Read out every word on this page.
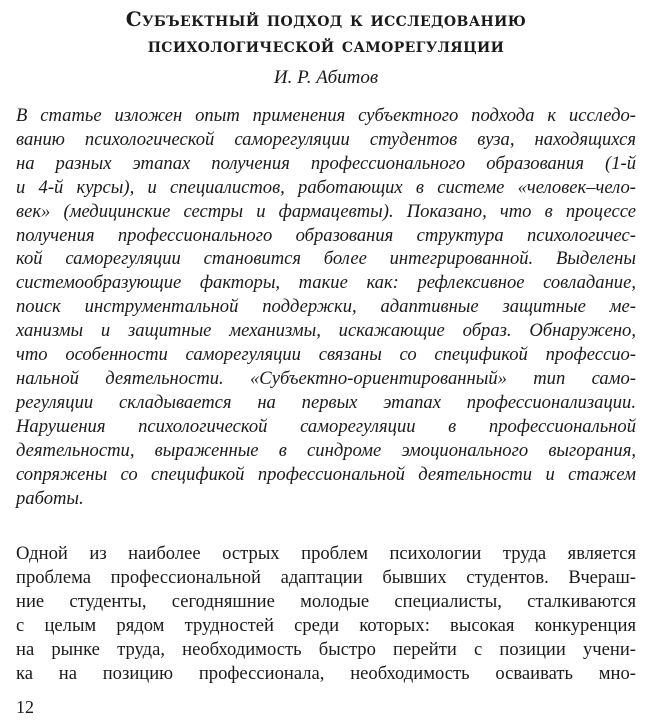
Субъектный подход к исследованию
психологической саморегуляции
И. Р. Абитов
В статье изложен опыт применения субъектного подхода к исследо-
ванию психологической саморегуляции студентов вуза, находящихся
на разных этапах получения профессионального образования (1-й
и 4-й курсы), и специалистов, работающих в системе «человек–чело-
век» (медицинские сестры и фармацевты). Показано, что в процессе
получения профессионального образования структура психологичес-
кой саморегуляции становится более интегрированной. Выделены
системообразующие факторы, такие как: рефлексивное совладание,
поиск инструментальной поддержки, адаптивные защитные ме-
ханизмы и защитные механизмы, искажающие образ. Обнаружено,
что особенности саморегуляции связаны со спецификой профессио-
нальной деятельности. «Субъектно-ориентированный» тип само-
регуляции складывается на первых этапах профессионализации.
Нарушения психологической саморегуляции в профессиональной
деятельности, выраженные в синдроме эмоционального выгорания,
сопряжены со спецификой профессиональной деятельности и стажем
работы.
Одной из наиболее острых проблем психологии труда является
проблема профессиональной адаптации бывших студентов. Вчераш-
ние студенты, сегодняшние молодые специалисты, сталкиваются
с целым рядом трудностей среди которых: высокая конкуренция
на рынке труда, необходимость быстро перейти с позиции учени-
ка на позицию профессионала, необходимость осваивать мно-
12
